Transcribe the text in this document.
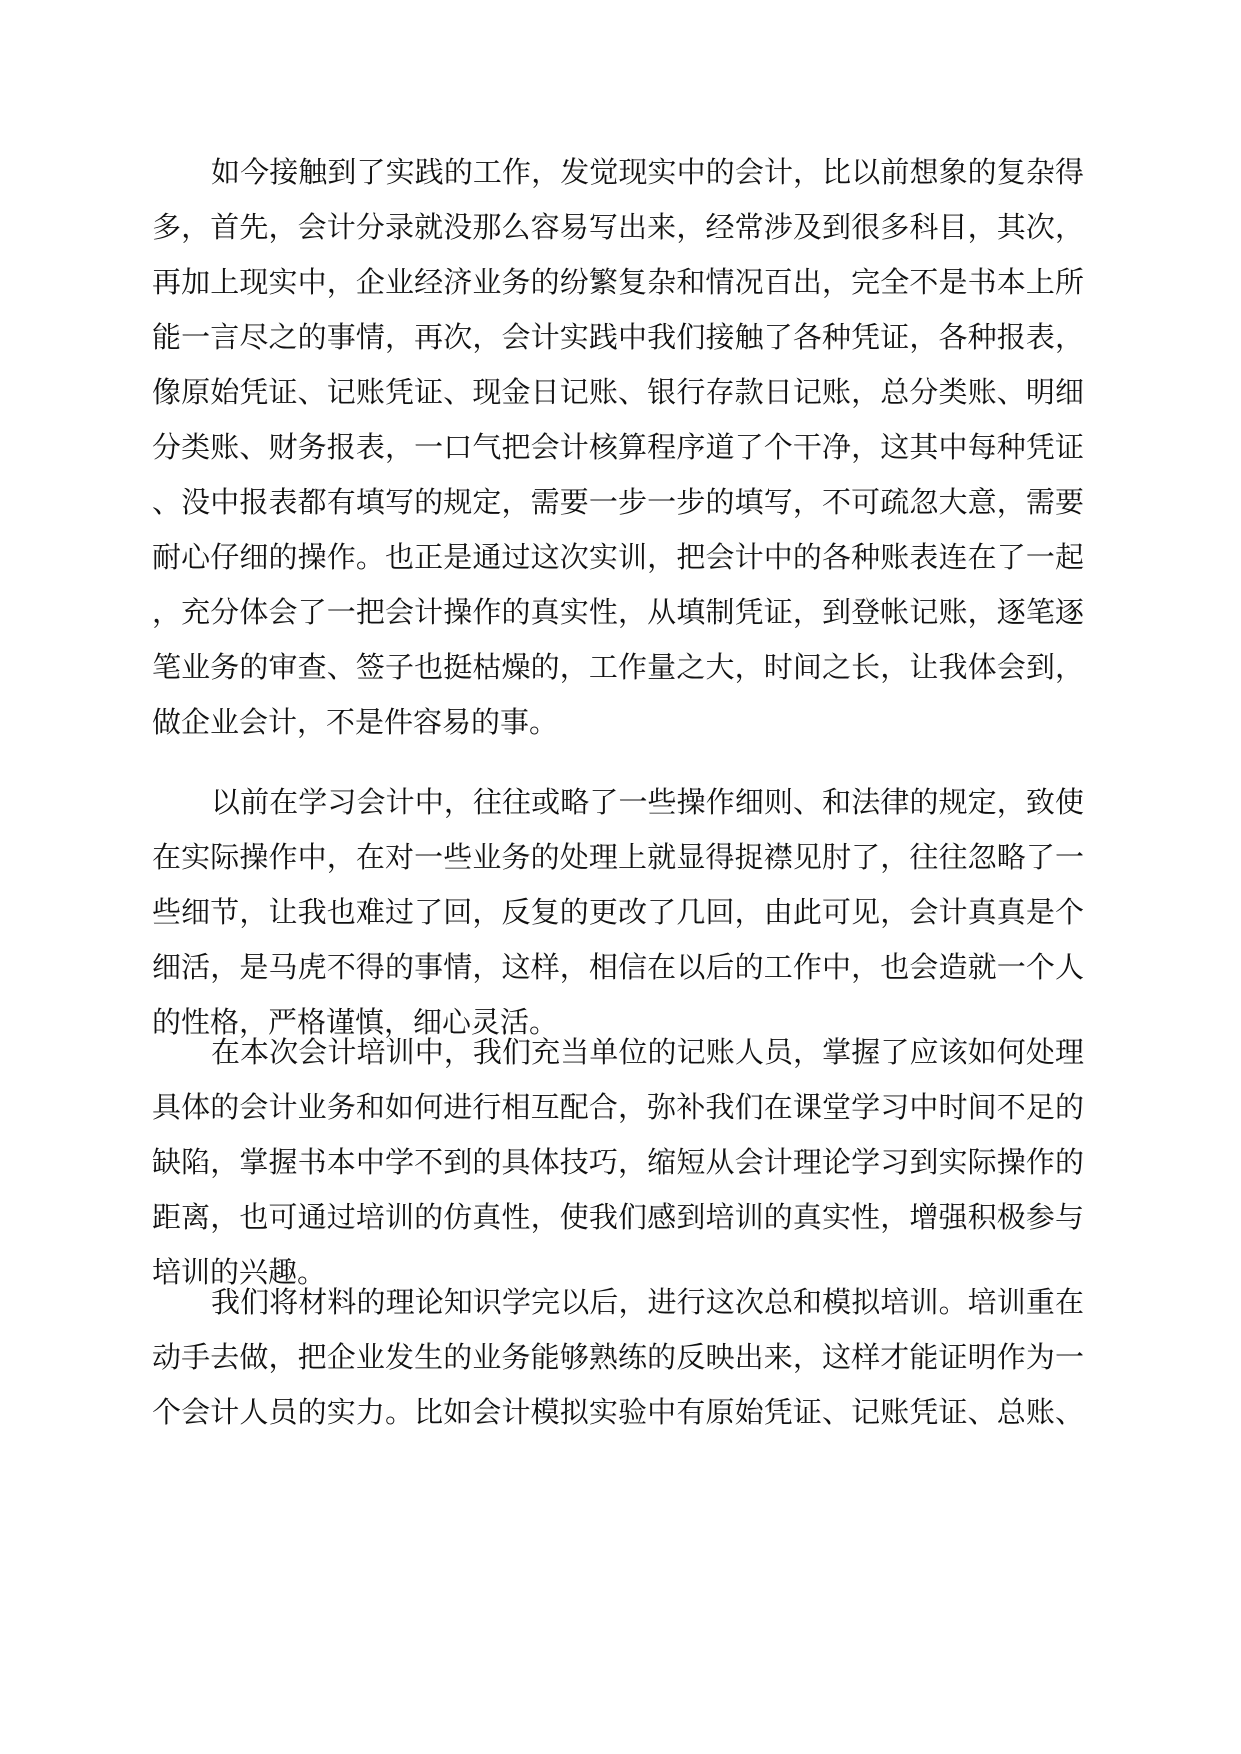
如今接触到了实践的工作，发觉现实中的会计，比以前想象的复杂得
多，首先，会计分录就没那么容易写出来，经常涉及到很多科目，其次，
再加上现实中，企业经济业务的纷繁复杂和情况百出，完全不是书本上所
能一言尽之的事情，再次，会计实践中我们接触了各种凭证，各种报表，
像原始凭证、记账凭证、现金日记账、银行存款日记账，总分类账、明细
分类账、财务报表，一口气把会计核算程序道了个干净，这其中每种凭证
、没中报表都有填写的规定，需要一步一步的填写，不可疏忽大意，需要
耐心仔细的操作。也正是通过这次实训，把会计中的各种账表连在了一起
，充分体会了一把会计操作的真实性，从填制凭证，到登帐记账，逐笔逐
笔业务的审查、签子也挺枯燥的，工作量之大，时间之长，让我体会到，
做企业会计，不是件容易的事。
以前在学习会计中，往往或略了一些操作细则、和法律的规定，致使
在实际操作中，在对一些业务的处理上就显得捉襟见肘了，往往忽略了一
些细节，让我也难过了回，反复的更改了几回，由此可见，会计真真是个
细活，是马虎不得的事情，这样，相信在以后的工作中，也会造就一个人
的性格，严格谨慎，细心灵活。
在本次会计培训中，我们充当单位的记账人员，掌握了应该如何处理
具体的会计业务和如何进行相互配合，弥补我们在课堂学习中时间不足的
缺陷，掌握书本中学不到的具体技巧，缩短从会计理论学习到实际操作的
距离，也可通过培训的仿真性，使我们感到培训的真实性，增强积极参与
培训的兴趣。
我们将材料的理论知识学完以后，进行这次总和模拟培训。培训重在
动手去做，把企业发生的业务能够熟练的反映出来，这样才能证明作为一
个会计人员的实力。比如会计模拟实验中有原始凭证、记账凭证、总账、
